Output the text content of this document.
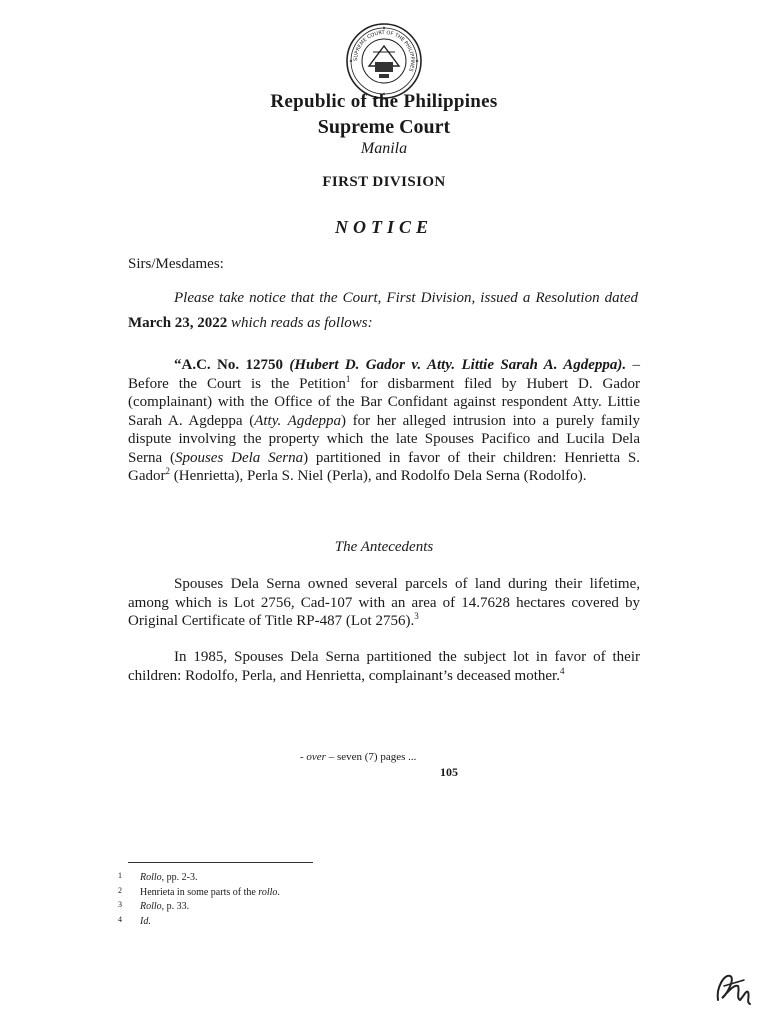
SUPREME COURT OF THE PHILIPPINES
Republic of the Philippines
Supreme Court
Manila
FIRST DIVISION
NOTICE
Sirs/Mesdames:
Please take notice that the Court, First Division, issued a Resolution dated March 23, 2022 which reads as follows:
“A.C. No. 12750 (Hubert D. Gador v. Atty. Littie Sarah A. Agdeppa). – Before the Court is the Petition$^1$ for disbarment filed by Hubert D. Gador (complainant) with the Office of the Bar Confidant against respondent Atty. Littie Sarah A. Agdeppa (Atty. Agdeppa) for her alleged intrusion into a purely family dispute involving the property which the late Spouses Pacifico and Lucila Dela Serna (Spouses Dela Serna) partitioned in favor of their children: Henrietta S. Gador$^2$ (Henrietta), Perla S. Niel (Perla), and Rodolfo Dela Serna (Rodolfo).
The Antecedents
Spouses Dela Serna owned several parcels of land during their lifetime, among which is Lot 2756, Cad-107 with an area of 14.7628 hectares covered by Original Certificate of Title RP-487 (Lot 2756).$^3$
In 1985, Spouses Dela Serna partitioned the subject lot in favor of their children: Rodolfo, Perla, and Henrietta, complainant’s deceased mother.$^4$
- over – seven (7) pages ...
105
1 Rollo, pp. 2-3.
2 Henrieta in some parts of the rollo.
3 Rollo, p. 33.
4 Id.
